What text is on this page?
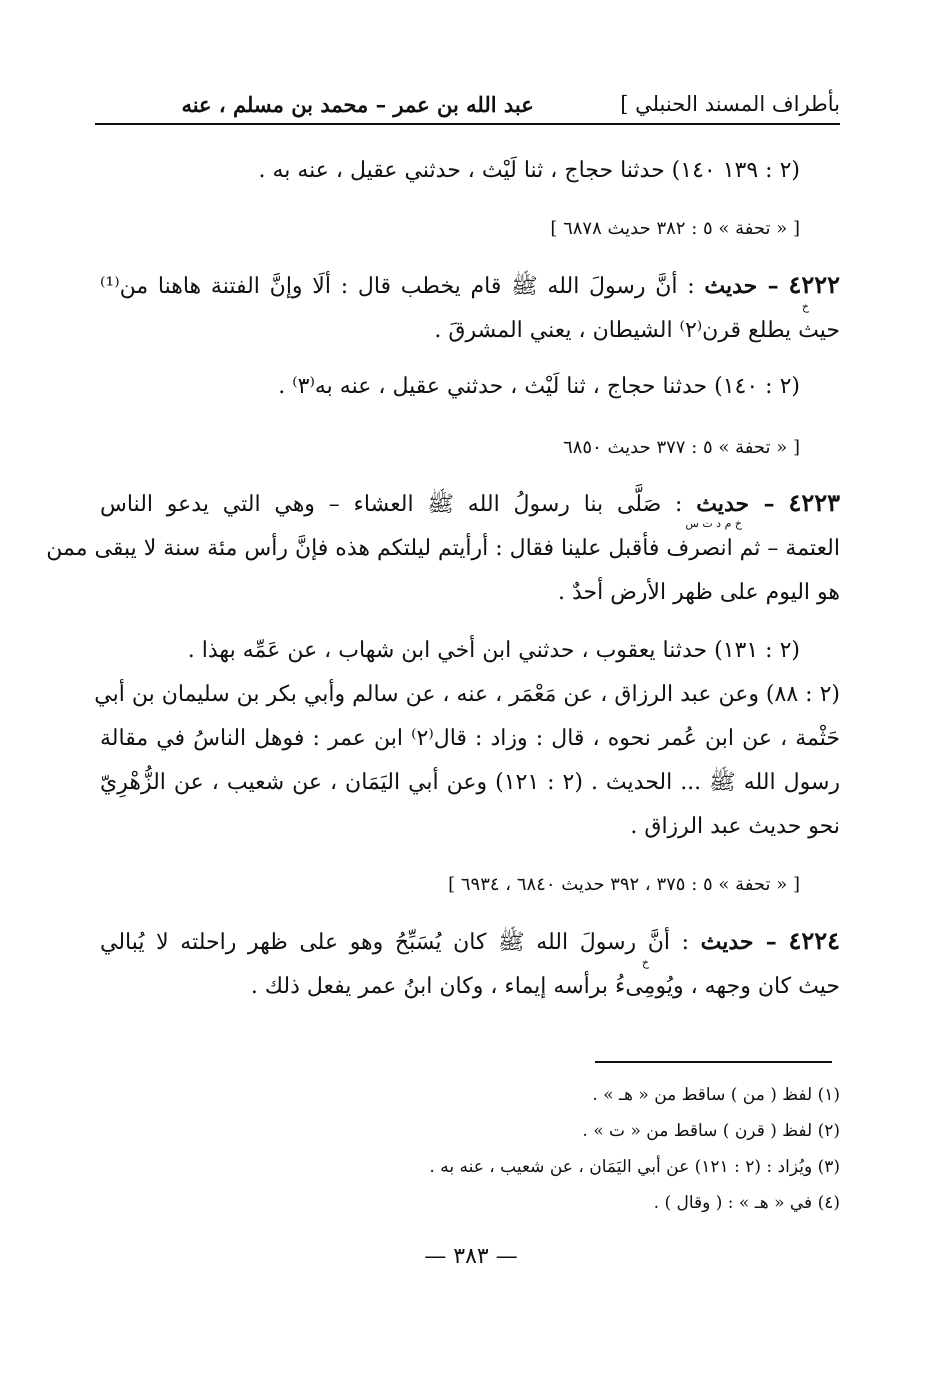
بأطراف المسند الحنبلي ]
عبد الله بن عمر – محمد بن مسلم ، عنه
(٢ : ١٣٩ ١٤٠) حدثنا حجاج ، ثنا لَيْث ، حدثني عقيل ، عنه به .
[ « تحفة » ٥ : ٣٨٢ حديث ٦٨٧٨ ]
٤٢٢٢ – حديث : أنَّ رسولَ الله ﷺ قام يخطب قال : ألَا وإنَّ الفتنة هاهنا من⁽¹⁾
خ
حيث يطلع قرن⁽٢⁾ الشيطان ، يعني المشرقَ .
(٢ : ١٤٠) حدثنا حجاج ، ثنا لَيْث ، حدثني عقيل ، عنه به⁽٣⁾ .
[ « تحفة » ٥ : ٣٧٧ حديث ٦٨٥٠
٤٢٢٣ – حديث : صَلَّى بنا رسولُ الله ﷺ العشاء – وهي التي يدعو الناس
خ م د ت س
العتمة – ثم انصرف فأقبل علينا فقال : أرأيتم ليلتكم هذه فإنَّ رأس مئة سنة لا يبقى ممن
هو اليوم على ظهر الأرض أحدٌ .
(٢ : ١٣١) حدثنا يعقوب ، حدثني ابن أخي ابن شهاب ، عن عَمِّه بهذا .
(٢ : ٨٨) وعن عبد الرزاق ، عن مَعْمَر ، عنه ، عن سالم وأبي بكر بن سليمان بن أبي
حَثْمة ، عن ابن عُمر نحوه ، قال : وزاد : قال⁽٢⁾ ابن عمر : فوهل الناسُ في مقالة
رسول الله ﷺ ... الحديث . (٢ : ١٢١) وعن أبي اليَمَان ، عن شعيب ، عن الزُّهْرِيّ
نحو حديث عبد الرزاق .
[ « تحفة » ٥ : ٣٧٥ ، ٣٩٢ حديث ٦٨٤٠ ، ٦٩٣٤ ]
٤٢٢٤ – حديث : أنَّ رسولَ الله ﷺ كان يُسَبِّحُ وهو على ظهر راحلته لا يُبالي
خ
حيث كان وجهه ، ويُومِىءُ برأسه إيماء ، وكان ابنُ عمر يفعل ذلك .
(١) لفظ ( من ) ساقط من « هـ » .
(٢) لفظ ( قرن ) ساقط من « ت » .
(٣) ويُزاد : (٢ : ١٢١) عن أبي اليَمَان ، عن شعيب ، عنه به .
(٤) في « هـ » : ( وقال ) .
— ٣٨٣ —
